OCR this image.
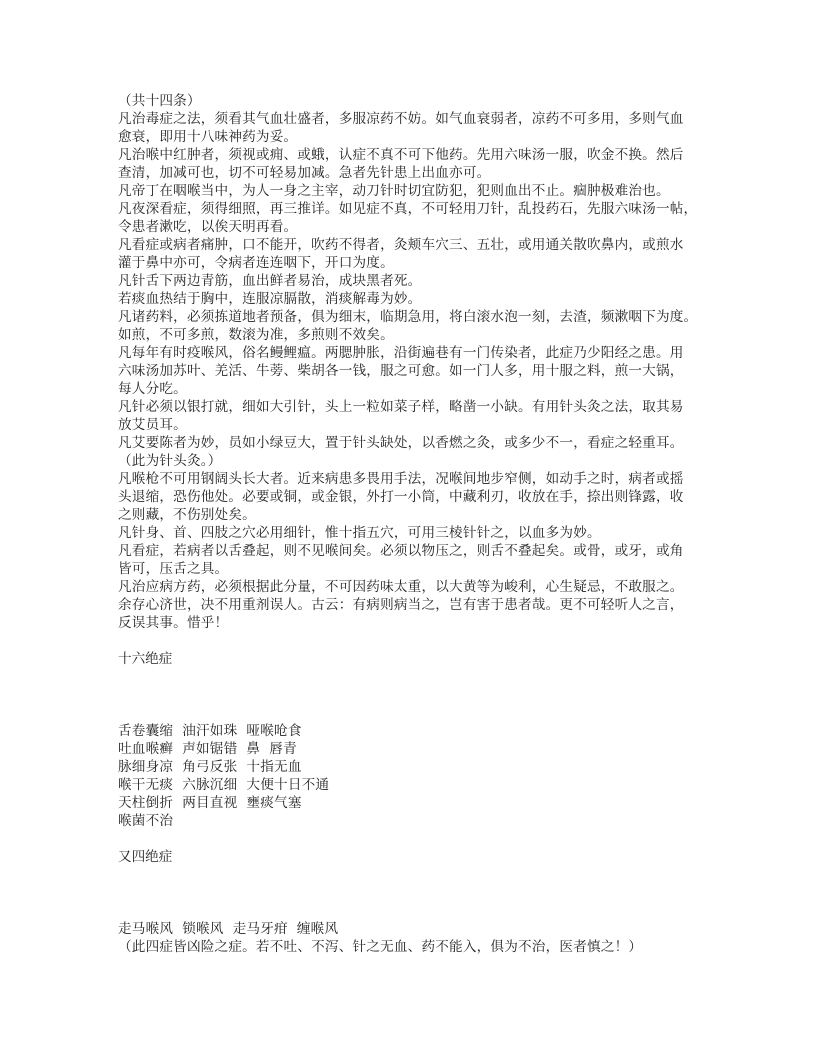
（共十四条）
凡治毒症之法，须看其气血壮盛者，多服凉药不妨。如气血衰弱者，凉药不可多用，多则气血
愈衰，即用十八味神药为妥。
凡治喉中红肿者，须视或痈、或蛾，认症不真不可下他药。先用六味汤一服，吹金不换。然后
查清，加减可也，切不可轻易加减。急者先针患上出血亦可。
凡帝丁在咽喉当中，为人一身之主宰，动刀针时切宜防犯，犯则血出不止。痼肿极难治也。
凡夜深看症，须得细照，再三推详。如见症不真，不可轻用刀针，乱投药石，先服六味汤一帖，
令患者漱吃，以俟天明再看。
凡看症或病者痛肿，口不能开，吹药不得者，灸颊车穴三、五壮，或用通关散吹鼻内，或煎水
灌于鼻中亦可，令病者连连咽下，开口为度。
凡针舌下两边青筋，血出鲜者易治，成块黑者死。
若痰血热结于胸中，连服凉膈散，消痰解毒为妙。
凡诸药料，必须拣道地者预备，俱为细末，临期急用，将白滚水泡一刻，去渣，频漱咽下为度。
如煎，不可多煎，数滚为准，多煎则不效矣。
凡每年有时疫喉风，俗名鳗鲤瘟。两腮肿胀，沿街遍巷有一门传染者，此症乃少阳经之患。用
六味汤加苏叶、羌活、牛蒡、柴胡各一钱，服之可愈。如一门人多，用十服之料，煎一大锅，
每人分吃。
凡针必须以银打就，细如大引针，头上一粒如菜子样，略凿一小缺。有用针头灸之法，取其易
放艾员耳。
凡艾要陈者为妙，员如小绿豆大，置于针头缺处，以香燃之灸，或多少不一，看症之轻重耳。
（此为针头灸。）
凡喉枪不可用钢阔头长大者。近来病患多畏用手法，况喉间地步窄侧，如动手之时，病者或摇
头退缩，恐伤他处。必要或铜，或金银，外打一小筒，中藏利刃，收放在手，捺出则锋露，收
之则藏，不伤别处矣。
凡针身、首、四肢之穴必用细针，惟十指五穴，可用三棱针针之，以血多为妙。
凡看症，若病者以舌叠起，则不见喉间矣。必须以物压之，则舌不叠起矣。或骨，或牙，或角
皆可，压舌之具。
凡治应病方药，必须根据此分量，不可因药味太重，以大黄等为峻利，心生疑忌，不敢服之。
余存心济世，决不用重剂误人。古云：有病则病当之，岂有害于患者哉。更不可轻听人之言，
反误其事。惜乎！
十六绝症
舌卷囊缩  油汗如珠  哑喉呛食
吐血喉癣  声如锯错  鼻  唇青
脉细身凉  角弓反张  十指无血
喉干无痰  六脉沉细  大便十日不通
天柱倒折  两目直视  壅痰气塞
喉菌不治
又四绝症
走马喉风  锁喉风  走马牙疳  缠喉风
（此四症皆凶险之症。若不吐、不泻、针之无血、药不能入，俱为不治，医者慎之！）
